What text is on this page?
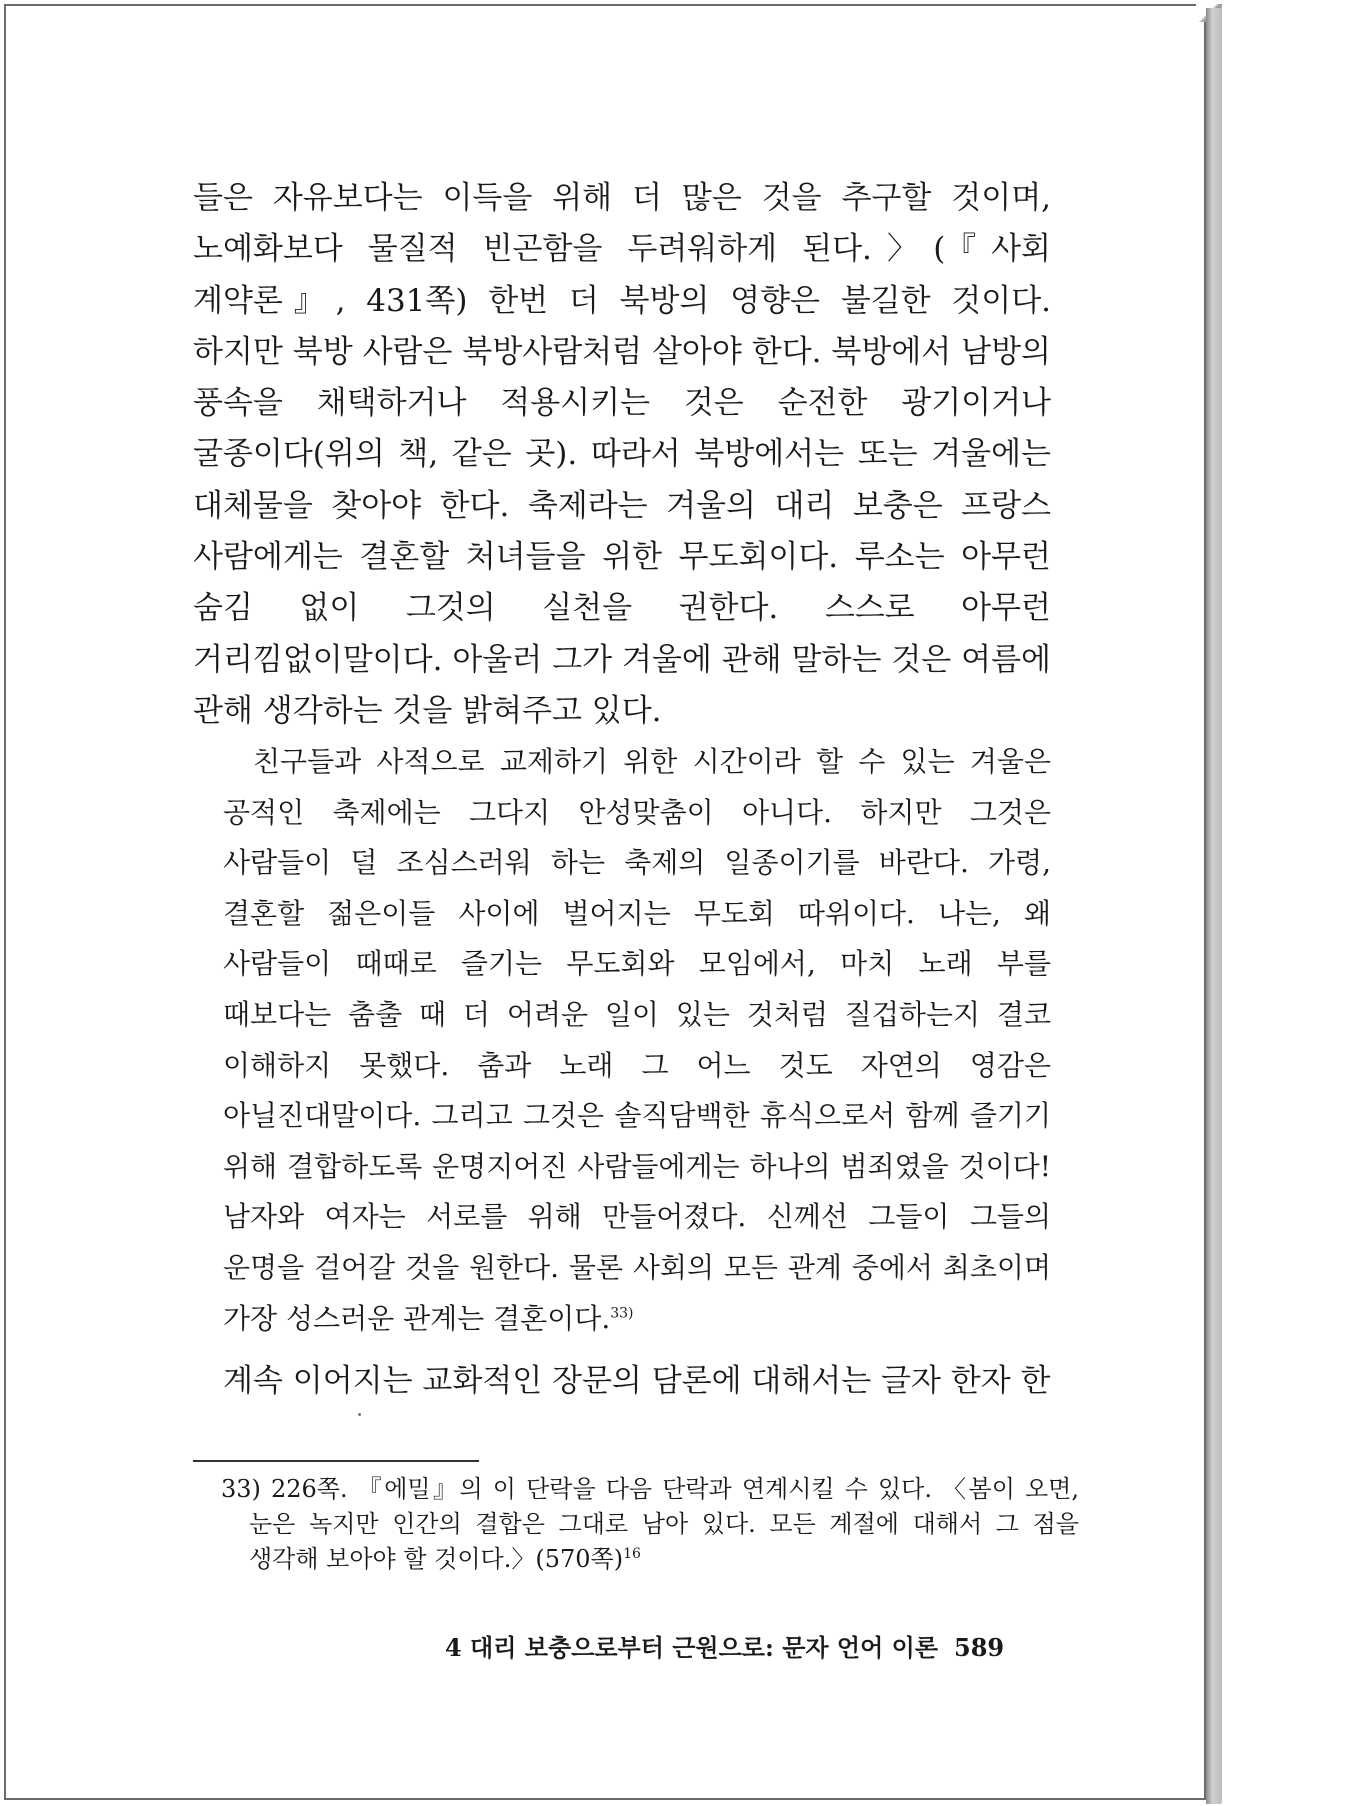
들은 자유보다는 이득을 위해 더 많은 것을 추구할 것이며, 노예화보다 물질적 빈곤함을 두려워하게 된다.〉(『사회 계약론』, 431쪽) 한번 더 북방의 영향은 불길한 것이다. 하지만 북방 사람은 북방사람처럼 살아야 한다. 북방에서 남방의 풍속을 채택하거나 적용시키는 것은 순전한 광기이거나 굴종이다(위의 책, 같은 곳). 따라서 북방에서는 또는 겨울에는 대체물을 찾아야 한다. 축제라는 겨울의 대리 보충은 프랑스 사람에게는 결혼할 처녀들을 위한 무도회이다. 루소는 아무런 숨김 없이 그것의 실천을 권한다. 스스로 아무런 거리낌없이말이다. 아울러 그가 겨울에 관해 말하는 것은 여름에 관해 생각하는 것을 밝혀주고 있다.

친구들과 사적으로 교제하기 위한 시간이라 할 수 있는 겨울은 공적인 축제에는 그다지 안성맞춤이 아니다. 하지만 그것은 사람들이 덜 조심스러워 하는 축제의 일종이기를 바란다. 가령, 결혼할 젊은이들 사이에 벌어지는 무도회 따위이다. 나는, 왜 사람들이 때때로 즐기는 무도회와 모임에서, 마치 노래 부를 때보다는 춤출 때 더 어려운 일이 있는 것처럼 질겁하는지 결코 이해하지 못했다. 춤과 노래 그 어느 것도 자연의 영감은 아닐진대말이다. 그리고 그것은 솔직담백한 휴식으로서 함께 즐기기 위해 결합하도록 운명지어진 사람들에게는 하나의 범죄였을 것이다! 남자와 여자는 서로를 위해 만들어졌다. 신께선 그들이 그들의 운명을 걸어갈 것을 원한다. 물론 사회의 모든 관계 중에서 최초이며 가장 성스러운 관계는 결혼이다.$^{33)}$

계속 이어지는 교화적인 장문의 담론에 대해서는 글자 한자 한

33) 226쪽. 『에밀』의 이 단락을 다음 단락과 연계시킬 수 있다. 〈봄이 오면, 눈은 녹지만 인간의 결합은 그대로 남아 있다. 모든 계절에 대해서 그 점을 생각해 보아야 할 것이다.〉(570쪽)$^{16}$

4 대리 보충으로부터 근원으로: 문자 언어 이론 589
